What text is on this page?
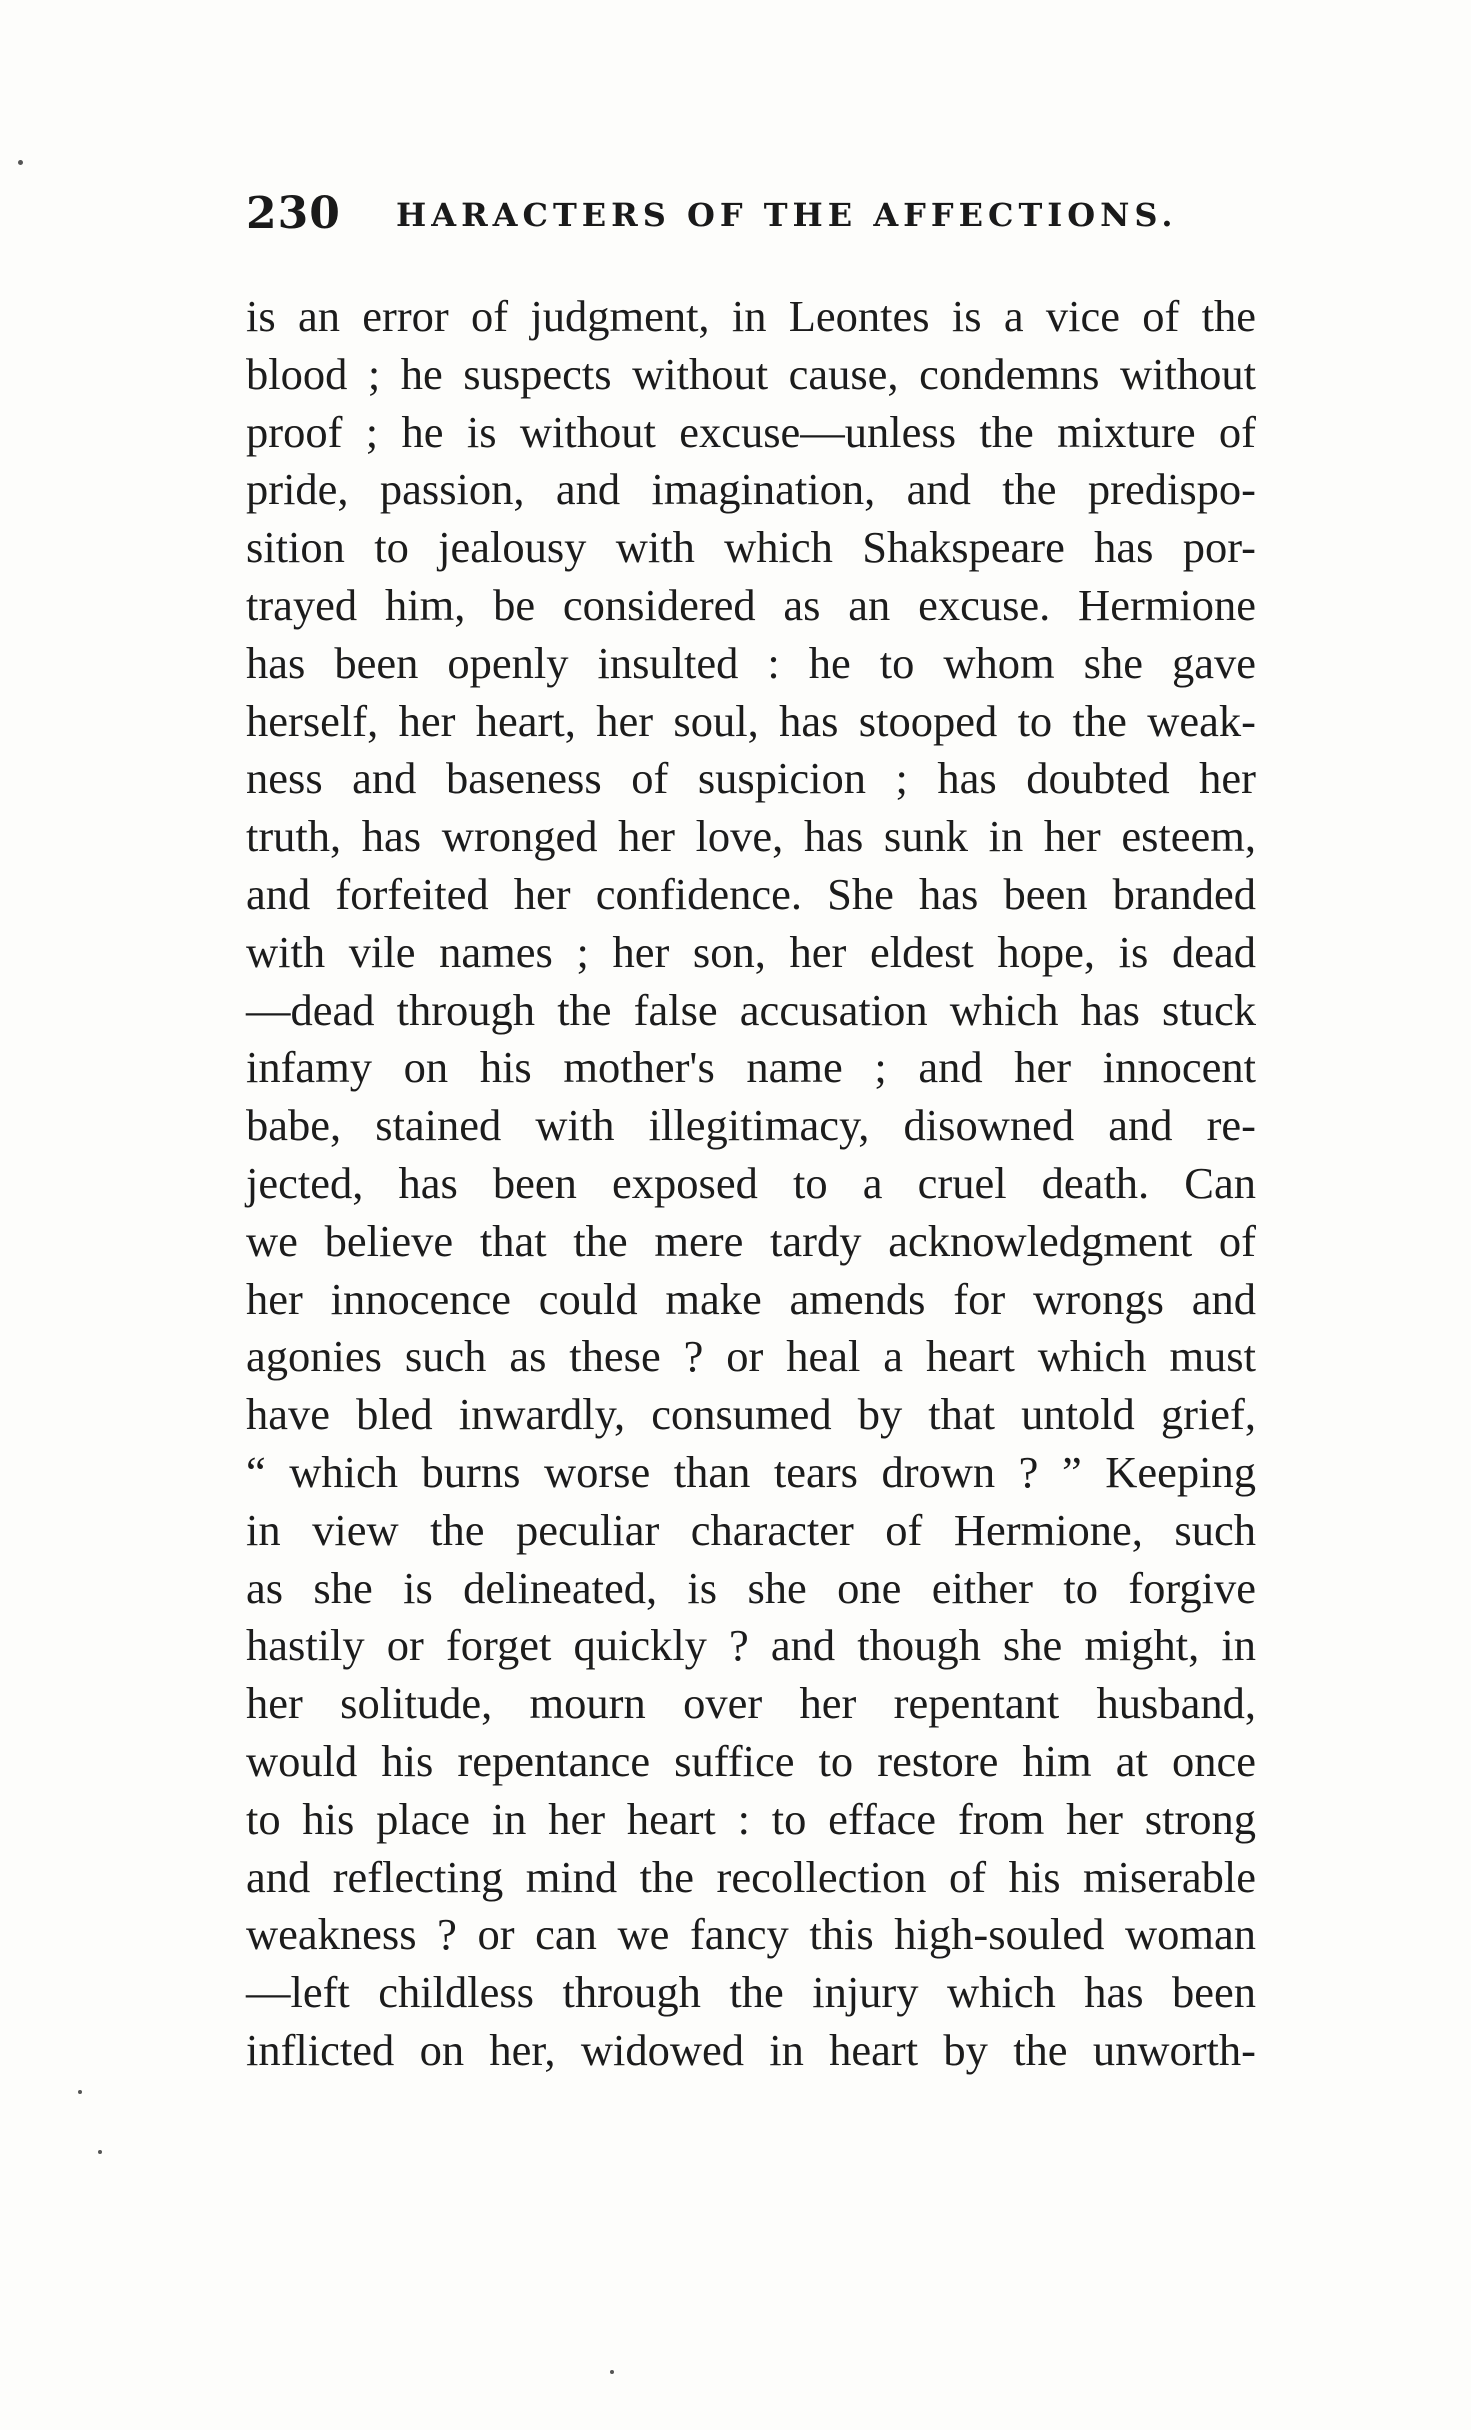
230 HARACTERS OF THE AFFECTIONS.
is an error of judgment, in Leontes is a vice of the
blood ; he suspects without cause, condemns without
proof ; he is without excuse—unless the mixture of
pride, passion, and imagination, and the predispo-
sition to jealousy with which Shakspeare has por-
trayed him, be considered as an excuse. Hermione
has been openly insulted : he to whom she gave
herself, her heart, her soul, has stooped to the weak-
ness and baseness of suspicion ; has doubted her
truth, has wronged her love, has sunk in her esteem,
and forfeited her confidence. She has been branded
with vile names ; her son, her eldest hope, is dead
—dead through the false accusation which has stuck
infamy on his mother's name ; and her innocent
babe, stained with illegitimacy, disowned and re-
jected, has been exposed to a cruel death. Can
we believe that the mere tardy acknowledgment of
her innocence could make amends for wrongs and
agonies such as these ? or heal a heart which must
have bled inwardly, consumed by that untold grief,
“ which burns worse than tears drown ? ” Keeping
in view the peculiar character of Hermione, such
as she is delineated, is she one either to forgive
hastily or forget quickly ? and though she might, in
her solitude, mourn over her repentant husband,
would his repentance suffice to restore him at once
to his place in her heart : to efface from her strong
and reflecting mind the recollection of his miserable
weakness ? or can we fancy this high-souled woman
—left childless through the injury which has been
inflicted on her, widowed in heart by the unworth-
